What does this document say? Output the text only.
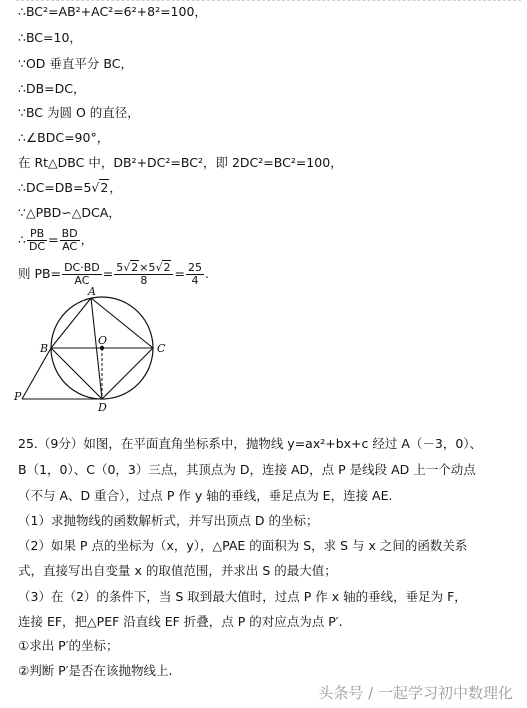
∴BC²=AB²+AC²=6²+8²=100，
∴BC=10，
∵OD 垂直平分 BC，
∴DB=DC，
∵BC 为圆 O 的直径，
∴∠BDC=90°，
在 Rt△DBC 中，DB²+DC²=BC²，即 2DC²=BC²=100，
∴DC=DB=5√2，
∵△PBD∽△DCA，
∴ $\frac{PB}{DC} = \frac{BD}{AC}$ ，
则 $PB= \frac{DC\cdot BD}{AC} = \frac{5√2\times 5√2}{8} = \frac{25}{4}$ .
A
B	C
O
P
D
25.（9分）如图，在平面直角坐标系中，抛物线 y=ax²+bx+c 经过 A（－3，0）、
B（1，0）、C（0，3）三点，其顶点为 D，连接 AD，点 P 是线段 AD 上一个动点
（不与 A、D 重合），过点 P 作 y 轴的垂线，垂足点为 E，连接 AE.
（1）求抛物线的函数解析式，并写出顶点 D 的坐标；
（2）如果 P 点的坐标为（x，y），△PAE 的面积为 S，求 S 与 x 之间的函数关系
式，直接写出自变量 x 的取值范围，并求出 S 的最大值；
（3）在（2）的条件下，当 S 取到最大值时，过点 P 作 x 轴的垂线，垂足为 F，
连接 EF，把△PEF 沿直线 EF 折叠，点 P 的对应点为点 P′.
①求出 P′的坐标；
②判断 P′是否在该抛物线上.
头条号 / 一起学习初中数理化
